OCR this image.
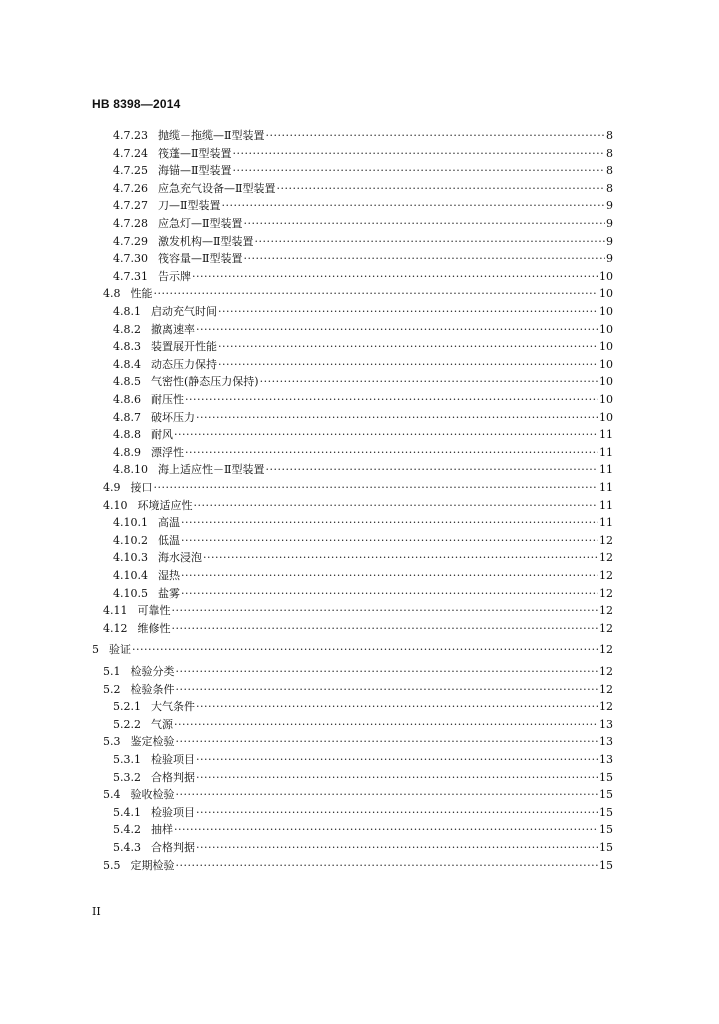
HB 8398—2014
4.7.23 抛缆－拖缆—Ⅱ型装置 ·····	8
4.7.24 筏蓬—Ⅱ型装置 ·····	8
4.7.25 海锚—Ⅱ型装置 ·····	8
4.7.26 应急充气设备—Ⅱ型装置 ·····	8
4.7.27 刀—Ⅱ型装置 ·····	9
4.7.28 应急灯—Ⅱ型装置 ·····	9
4.7.29 激发机构—Ⅱ型装置 ·····	9
4.7.30 筏容量—Ⅱ型装置 ·····	9
4.7.31 告示牌 ·····	10
4.8 性能 ·····	10
4.8.1 启动充气时间 ·····	10
4.8.2 撤离速率 ·····	10
4.8.3 装置展开性能 ·····	10
4.8.4 动态压力保持 ·····	10
4.8.5 气密性(静态压力保持) ·····	10
4.8.6 耐压性 ·····	10
4.8.7 破坏压力 ·····	10
4.8.8 耐风 ·····	11
4.8.9 漂浮性 ·····	11
4.8.10 海上适应性－Ⅱ型装置 ·····	11
4.9 接口 ·····	11
4.10 环境适应性 ·····	11
4.10.1 高温 ·····	11
4.10.2 低温 ·····	12
4.10.3 海水浸泡 ·····	12
4.10.4 湿热 ·····	12
4.10.5 盐雾 ·····	12
4.11 可靠性 ·····	12
4.12 维修性 ·····	12
5 验证 ·····	12
5.1 检验分类 ·····	12
5.2 检验条件 ·····	12
5.2.1 大气条件 ·····	12
5.2.2 气源 ·····	13
5.3 鉴定检验 ·····	13
5.3.1 检验项目 ·····	13
5.3.2 合格判据 ·····	15
5.4 验收检验 ·····	15
5.4.1 检验项目 ·····	15
5.4.2 抽样 ·····	15
5.4.3 合格判据 ·····	15
5.5 定期检验 ·····	15
II
